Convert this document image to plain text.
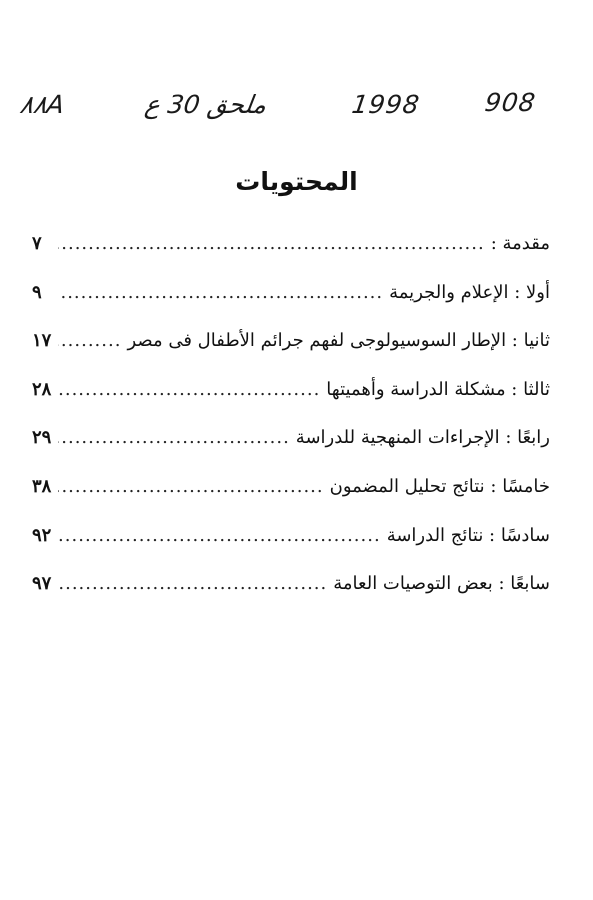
٨٨A	ملحق 30 ع	1998 908
المحتويات
مقدمة :
.....
٧
أولا : الإعلام والجريمة
.....
٩
ثانيا : الإطار السوسيولوجى لفهم جرائم الأطفال فى مصر
.....
١٧
ثالثا : مشكلة الدراسة وأهميتها
.....
٢٨
رابعًا : الإجراءات المنهجية للدراسة
.....
٢٩
خامسًا : نتائج تحليل المضمون
.....
٣٨
سادسًا : نتائج الدراسة
.....
٩٢
سابعًا : بعض التوصيات العامة
.....
٩٧
